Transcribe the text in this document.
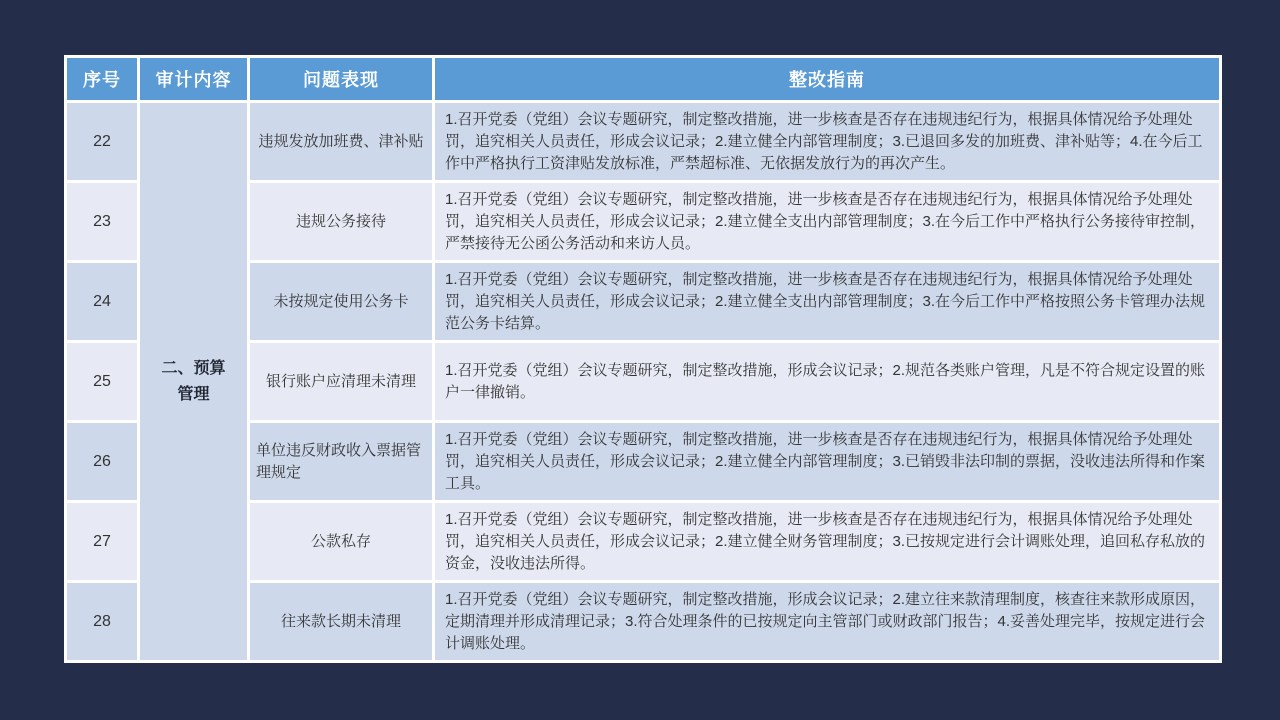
序号	审计内容	问题表现	整改指南
22	二、预算管理	违规发放加班费、津补贴	1.召开党委（党组）会议专题研究，制定整改措施，进一步核查是否存在违规违纪行为，根据具体情况给予处理处罚，追究相关人员责任，形成会议记录；2.建立健全内部管理制度；3.已退回多发的加班费、津补贴等；4.在今后工作中严格执行工资津贴发放标准，严禁超标准、无依据发放行为的再次产生。
23		违规公务接待	1.召开党委（党组）会议专题研究，制定整改措施，进一步核查是否存在违规违纪行为，根据具体情况给予处理处罚，追究相关人员责任，形成会议记录；2.建立健全支出内部管理制度；3.在今后工作中严格执行公务接待审控制，严禁接待无公函公务活动和来访人员。
24		未按规定使用公务卡	1.召开党委（党组）会议专题研究，制定整改措施，进一步核查是否存在违规违纪行为，根据具体情况给予处理处罚，追究相关人员责任，形成会议记录；2.建立健全支出内部管理制度；3.在今后工作中严格按照公务卡管理办法规范公务卡结算。
25		银行账户应清理未清理	1.召开党委（党组）会议专题研究，制定整改措施，形成会议记录；2.规范各类账户管理，凡是不符合规定设置的账户一律撤销。
26		单位违反财政收入票据管理规定	1.召开党委（党组）会议专题研究，制定整改措施，进一步核查是否存在违规违纪行为，根据具体情况给予处理处罚，追究相关人员责任，形成会议记录；2.建立健全内部管理制度；3.已销毁非法印制的票据，没收违法所得和作案工具。
27		公款私存	1.召开党委（党组）会议专题研究，制定整改措施，进一步核查是否存在违规违纪行为，根据具体情况给予处理处罚，追究相关人员责任，形成会议记录；2.建立健全财务管理制度；3.已按规定进行会计调账处理，追回私存私放的资金，没收违法所得。
28		往来款长期未清理	1.召开党委（党组）会议专题研究，制定整改措施，形成会议记录；2.建立往来款清理制度，核查往来款形成原因，定期清理并形成清理记录；3.符合处理条件的已按规定向主管部门或财政部门报告；4.妥善处理完毕，按规定进行会计调账处理。
